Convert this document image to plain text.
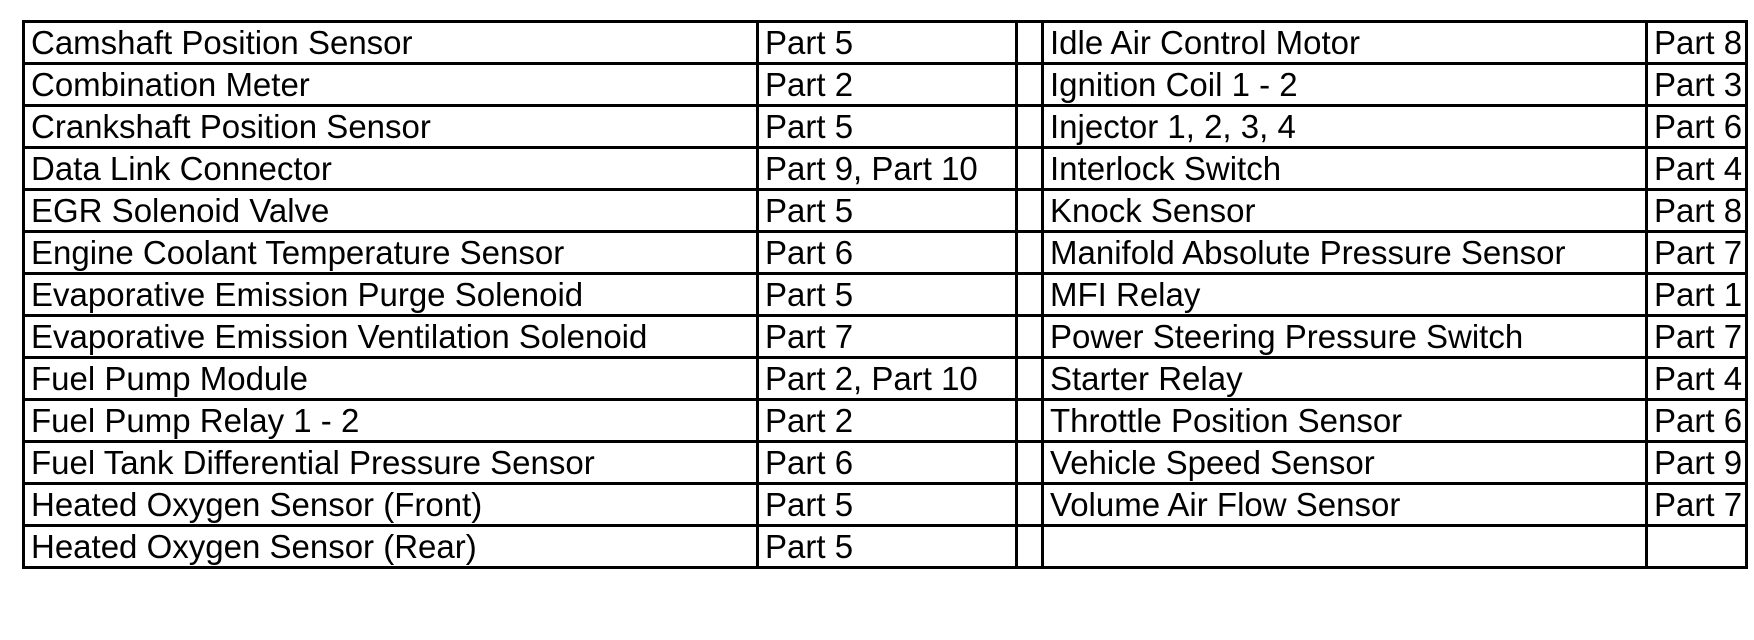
Camshaft Position Sensor	Part 5		Idle Air Control Motor	Part 8
Combination Meter	Part 2		Ignition Coil 1 - 2	Part 3
Crankshaft Position Sensor	Part 5		Injector 1, 2, 3, 4	Part 6
Data Link Connector	Part 9, Part 10		Interlock Switch	Part 4
EGR Solenoid Valve	Part 5		Knock Sensor	Part 8
Engine Coolant Temperature Sensor	Part 6		Manifold Absolute Pressure Sensor	Part 7
Evaporative Emission Purge Solenoid	Part 5		MFI Relay	Part 1
Evaporative Emission Ventilation Solenoid	Part 7		Power Steering Pressure Switch	Part 7
Fuel Pump Module	Part 2, Part 10		Starter Relay	Part 4
Fuel Pump Relay 1 - 2	Part 2		Throttle Position Sensor	Part 6
Fuel Tank Differential Pressure Sensor	Part 6		Vehicle Speed Sensor	Part 9
Heated Oxygen Sensor (Front)	Part 5		Volume Air Flow Sensor	Part 7
Heated Oxygen Sensor (Rear)	Part 5			
